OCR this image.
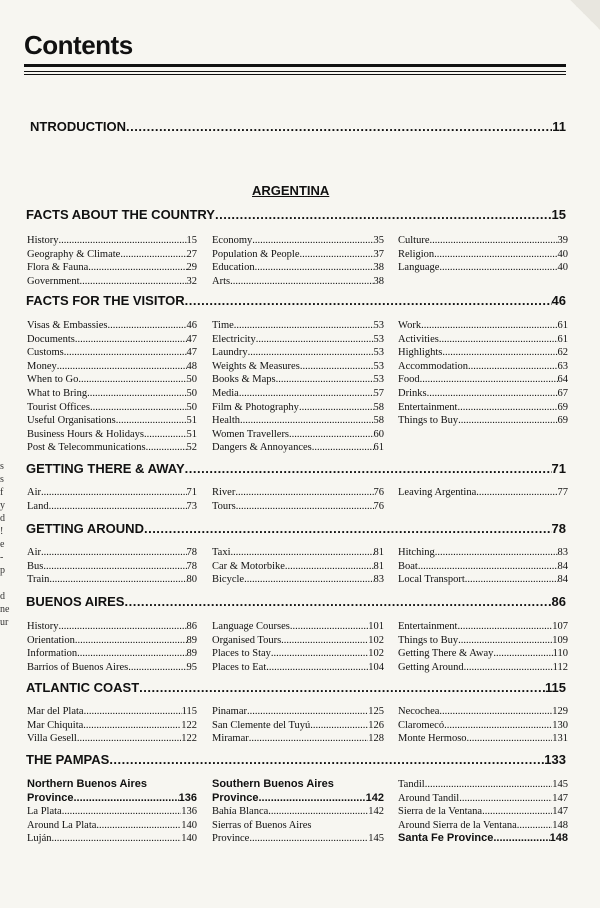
Contents
NTRODUCTION .....	11
ARGENTINA
FACTS ABOUT THE COUNTRY .....	15
History .....	15
Geography & Climate .....	27
Flora & Fauna .....	29
Government .....	32
Economy .....	35
Population & People .....	37
Education .....	38
Arts .....	38
Culture .....	39
Religion .....	40
Language .....	40
FACTS FOR THE VISITOR .....	46
Visas & Embassies .....	46
Documents .....	47
Customs .....	47
Money .....	48
When to Go .....	50
What to Bring .....	50
Tourist Offices .....	50
Useful Organisations .....	51
Business Hours & Holidays .....	51
Post & Telecommunications .....	52
Time .....	53
Electricity .....	53
Laundry .....	53
Weights & Measures .....	53
Books & Maps .....	53
Media .....	57
Film & Photography .....	58
Health .....	58
Women Travellers .....	60
Dangers & Annoyances .....	61
Work .....	61
Activities .....	61
Highlights .....	62
Accommodation .....	63
Food .....	64
Drinks .....	67
Entertainment .....	69
Things to Buy .....	69
GETTING THERE & AWAY .....	71
Air .....	71
Land .....	73
River .....	76
Tours .....	76
Leaving Argentina .....	77
GETTING AROUND .....	78
Air .....	78
Bus .....	78
Train .....	80
Taxi .....	81
Car & Motorbike .....	81
Bicycle .....	83
Hitching .....	83
Boat .....	84
Local Transport .....	84
BUENOS AIRES .....	86
History .....	86
Orientation .....	89
Information .....	89
Barrios of Buenos Aires .....	95
Language Courses .....	101
Organised Tours .....	102
Places to Stay .....	102
Places to Eat .....	104
Entertainment .....	107
Things to Buy .....	109
Getting There & Away .....	110
Getting Around .....	112
ATLANTIC COAST .....	115
Mar del Plata .....	115
Mar Chiquita .....	122
Villa Gesell .....	122
Pinamar .....	125
San Clemente del Tuyú .....	126
Miramar .....	128
Necochea .....	129
Claromecó .....	130
Monte Hermoso .....	131
THE PAMPAS .....	133
Northern Buenos Aires
Province .....	136
La Plata .....	136
Around La Plata .....	140
Luján .....	140
Southern Buenos Aires
Province .....	142
Bahía Blanca .....	142
Sierras of Buenos Aires
Province .....	145
Tandil .....	145
Around Tandil .....	147
Sierra de la Ventana .....	147
Around Sierra de la Ventana .....	148
Santa Fe Province .....	148
s
s
f
y
d
!
e
-
p

d
ne
ur
